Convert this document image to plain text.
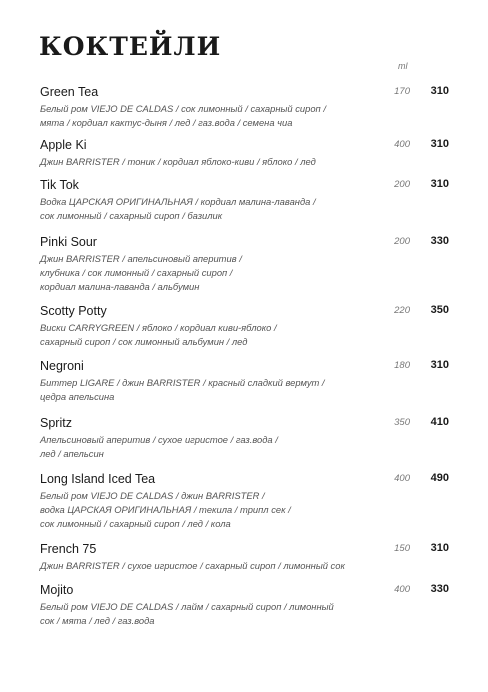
КОКТЕЙЛИ
ml
Green Tea
Белый ром VIEJO DE CALDAS / сок лимонный / сахарный сироп /
мята / кордиал кактус-дыня / лед / газ.вода / семена чиа
170 310
Apple Ki
Джин BARRISTER / тоник / кордиал яблоко-киви / яблоко / лед
400 310
Tik Tok
Водка ЦАРСКАЯ ОРИГИНАЛЬНАЯ / кордиал малина-лаванда /
сок лимонный / сахарный сироп / базилик
200 310
Pinki Sour
Джин BARRISTER / апельсиновый аперитив /
клубника / сок лимонный / сахарный сироп /
кордиал малина-лаванда / альбумин
200 330
Scotty Potty
Виски CARRYGREEN / яблоко / кордиал киви-яблоко /
сахарный сироп / сок лимонный альбумин / лед
220 350
Negroni
Биттер LIGARE / джин BARRISTER / красный сладкий вермут /
цедра апельсина
180 310
Spritz
Апельсиновый аперитив / сухое игристое / газ.вода /
лед / апельсин
350 410
Long Island Iced Tea
Белый ром VIEJO DE CALDAS / джин BARRISTER /
водка ЦАРСКАЯ ОРИГИНАЛЬНАЯ / текила / трипл сек /
сок лимонный / сахарный сироп / лед / кола
400 490
French 75
Джин BARRISTER / сухое игристое / сахарный сироп / лимонный сок
150 310
Mojito
Белый ром VIEJO DE CALDAS / лайм / сахарный сироп / лимонный
сок / мята / лед / газ.вода
400 330
